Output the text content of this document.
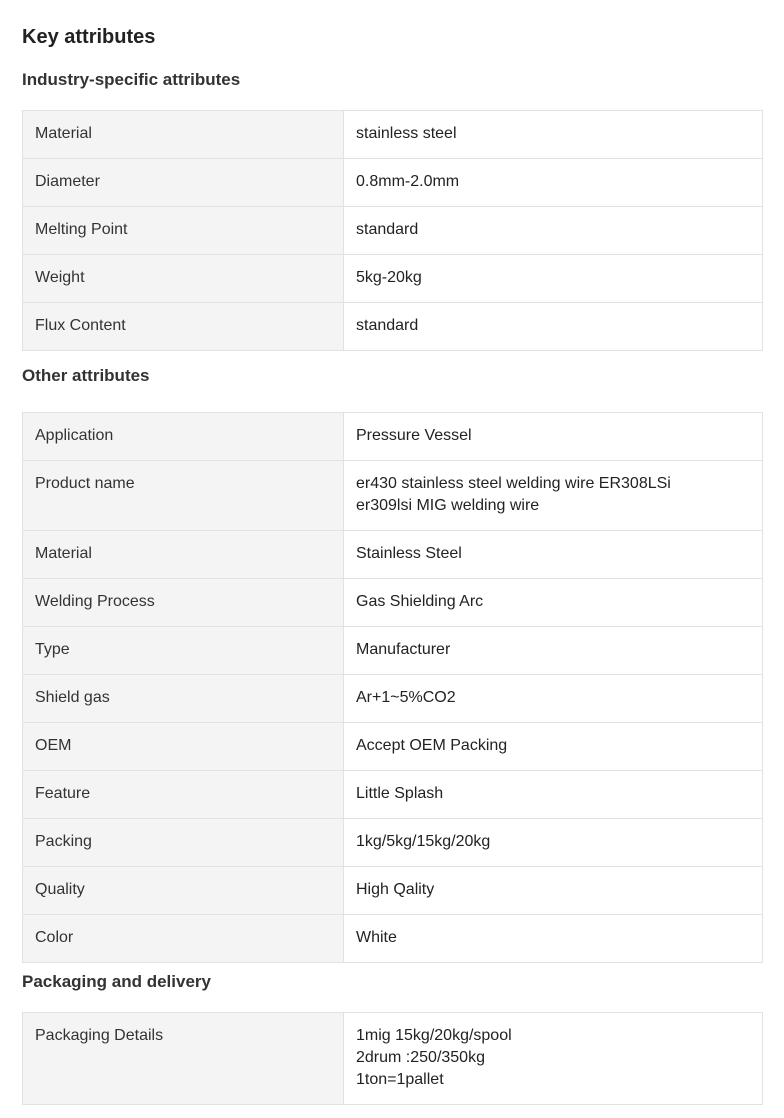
Key attributes
Industry-specific attributes
Material	stainless steel
Diameter	0.8mm-2.0mm
Melting Point	standard
Weight	5kg-20kg
Flux Content	standard
Other attributes
Application	Pressure Vessel
Product name	er430 stainless steel welding wire ER308LSi
er309lsi MIG welding wire
Material	Stainless Steel
Welding Process	Gas Shielding Arc
Type	Manufacturer
Shield gas	Ar+1~5%CO2
OEM	Accept OEM Packing
Feature	Little Splash
Packing	1kg/5kg/15kg/20kg
Quality	High Qality
Color	White
Packaging and delivery
Packaging Details	1mig 15kg/20kg/spool
2drum :250/350kg
1ton=1pallet
